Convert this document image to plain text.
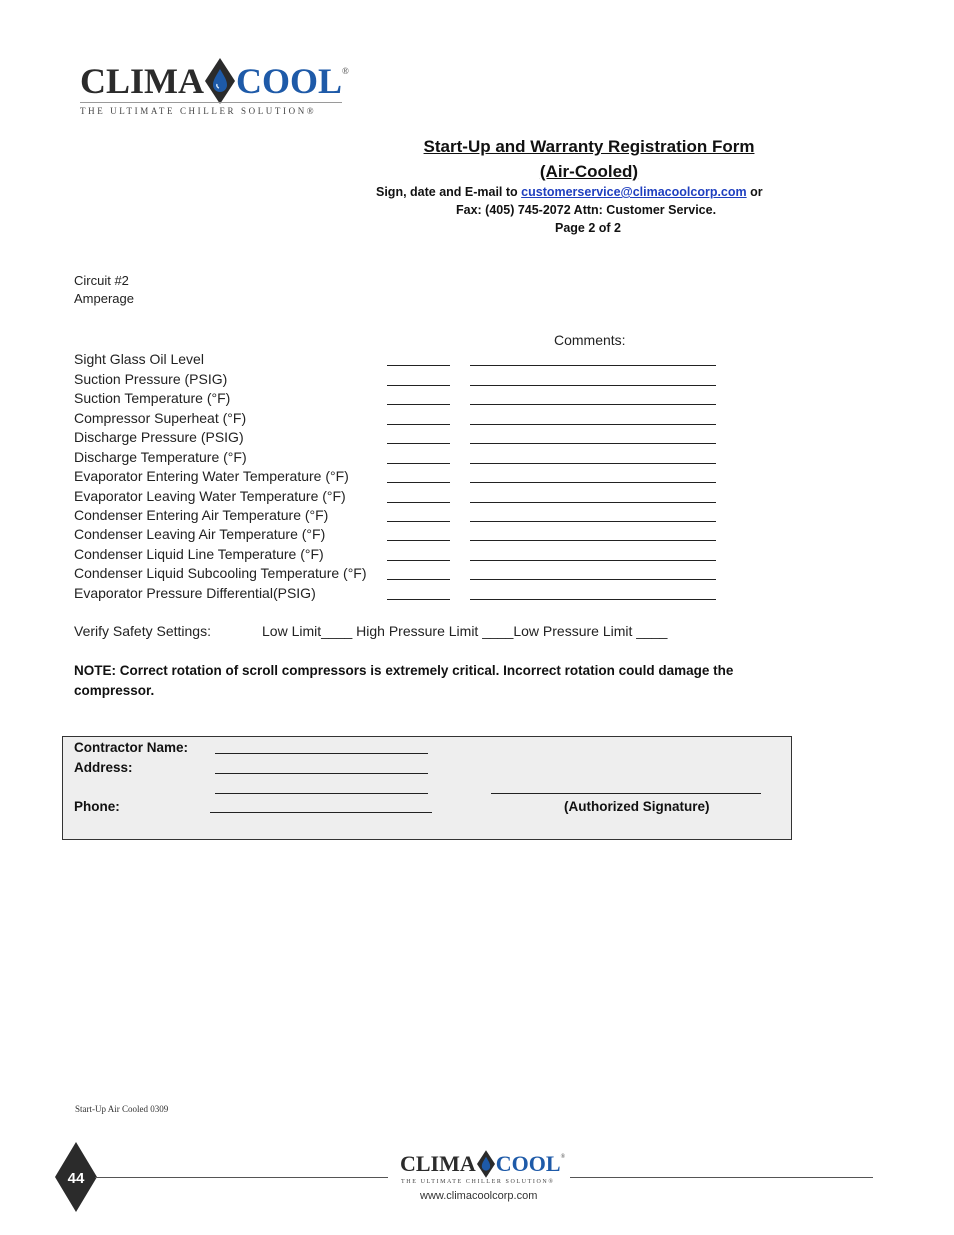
CLIMA COOL ®
THE ULTIMATE CHILLER SOLUTION®
Start-Up and Warranty Registration Form
(Air-Cooled)
Sign, date and E-mail to customerservice@climacoolcorp.com or
Fax: (405) 745-2072 Attn: Customer Service.
Page 2 of 2
Circuit #2
Amperage
Comments:
Sight Glass Oil Level
Suction Pressure (PSIG)
Suction Temperature (°F)
Compressor Superheat (°F)
Discharge Pressure (PSIG)
Discharge Temperature (°F)
Evaporator Entering Water Temperature (°F)
Evaporator Leaving Water Temperature (°F)
Condenser Entering Air Temperature (°F)
Condenser Leaving Air Temperature (°F)
Condenser Liquid Line Temperature (°F)
Condenser Liquid Subcooling Temperature (°F)
Evaporator Pressure Differential(PSIG)
Verify Safety Settings:	Low Limit____ High Pressure Limit ____Low Pressure Limit ____
NOTE: Correct rotation of scroll compressors is extremely critical. Incorrect rotation could damage the compressor.
Contractor Name:
Address:
Phone:	(Authorized Signature)
Start-Up Air Cooled 0309
44
CLIMA COOL ®
THE ULTIMATE CHILLER SOLUTION®
www.climacoolcorp.com
